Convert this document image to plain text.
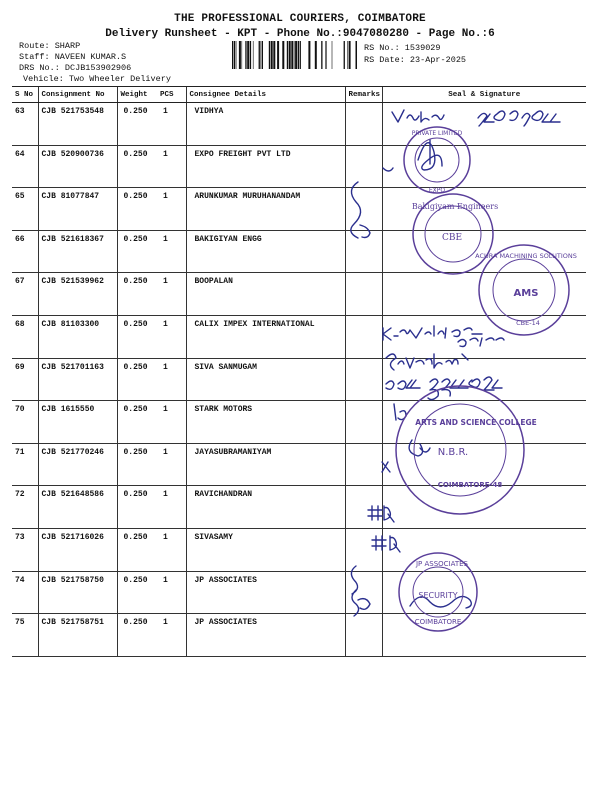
THE PROFESSIONAL COURIERS, COIMBATORE
Delivery Runsheet - KPT - Phone No.:9047080280 - Page No.:6
Route: SHARP
Staff: NAVEEN KUMAR.S
DRS No.: DCJB153902906
Vehicle: Two Wheeler Delivery
RS No.: 1539029
RS Date: 23-Apr-2025
S No	Consignment No	Weight	PCS	Consignee Details	Remarks	Seal & Signature
63	CJB 521753548	0.250	1	VIDHYA		
64	CJB 520900736	0.250	1	EXPO FREIGHT PVT LTD		
65	CJB 81077847	0.250	1	ARUNKUMAR MURUHANANDAM		
66	CJB 521618367	0.250	1	BAKIGIYAN ENGG		
67	CJB 521539962	0.250	1	BOOPALAN		
68	CJB 81103300	0.250	1	CALIX IMPEX INTERNATIONAL		
69	CJB 521701163	0.250	1	SIVA SANMUGAM		
70	CJB 1615550	0.250	1	STARK MOTORS		
71	CJB 521770246	0.250	1	JAYASUBRAMANIYAM		
72	CJB 521648586	0.250	1	RAVICHANDRAN		
73	CJB 521716026	0.250	1	SIVASAMY		
74	CJB 521758750	0.250	1	JP ASSOCIATES		
75	CJB 521758751	0.250	1	JP ASSOCIATES		
PRIVATE LIMITED
EXPO
Bakigiyam Engineers
CBE
ACURA MACHINING SOLUTIONS
AMS
CBE-14
ARTS AND SCIENCE COLLEGE
COIMBATORE-48
N.B.R.
JP ASSOCIATES
SECURITY
COIMBATORE
